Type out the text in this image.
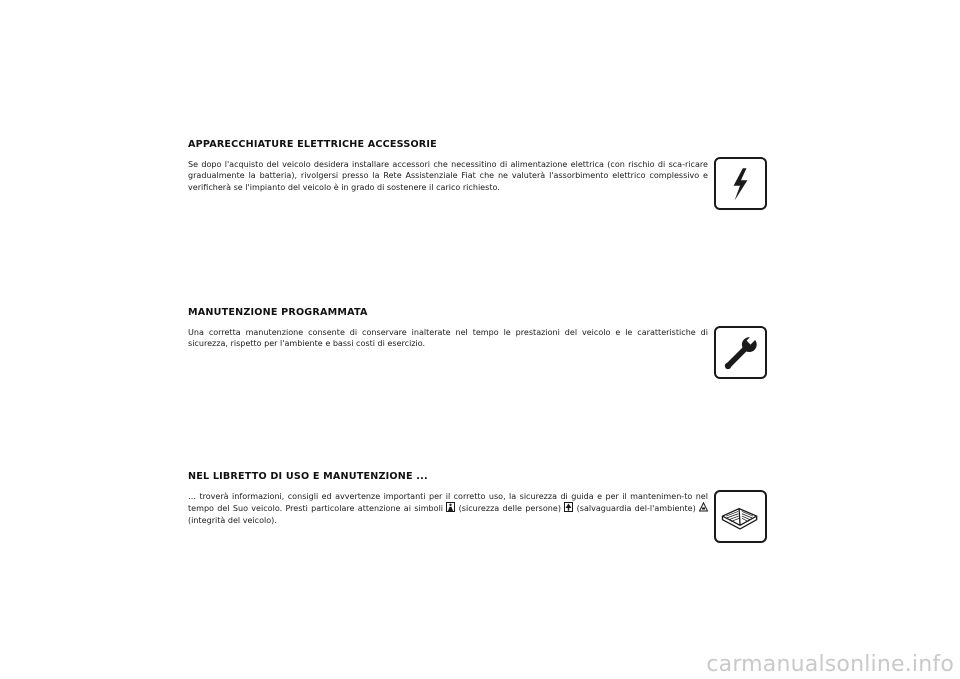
APPARECCHIATURE ELETTRICHE ACCESSORIE

Se dopo l'acquisto del veicolo desidera installare accessori che necessitino di alimentazione elettrica (con rischio di sca-ricare gradualmente la batteria), rivolgersi presso la Rete Assistenziale Fiat che ne valuterà l'assorbimento elettrico complessivo e verificherà se l'impianto del veicolo è in grado di sostenere il carico richiesto.

MANUTENZIONE PROGRAMMATA

Una corretta manutenzione consente di conservare inalterate nel tempo le prestazioni del veicolo e le caratteristiche di sicurezza, rispetto per l'ambiente e bassi costi di esercizio.

NEL LIBRETTO DI USO E MANUTENZIONE ...

… troverà informazioni, consigli ed avvertenze importanti per il corretto uso, la sicurezza di guida e per il mantenimen-to nel tempo del Suo veicolo. Presti particolare attenzione ai simboli (sicurezza delle persone) (salvaguardia del-l'ambiente)  (integrità del veicolo).

carmanualsonline.info
